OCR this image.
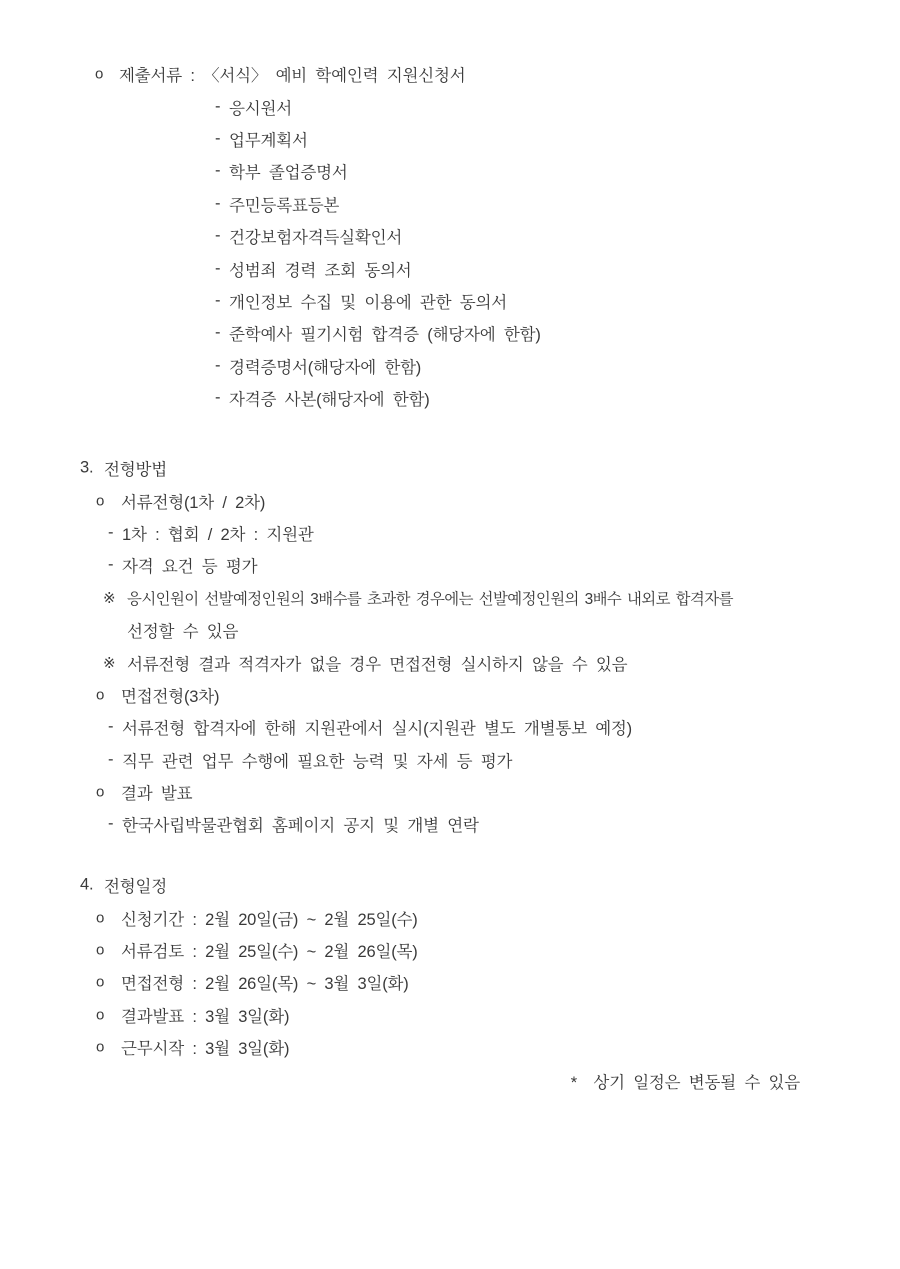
o 제출서류 : 〈서식〉 예비 학예인력 지원신청서
- 응시원서
- 업무계획서
- 학부 졸업증명서
- 주민등록표등본
- 건강보험자격득실확인서
- 성범죄 경력 조회 동의서
- 개인정보 수집 및 이용에 관한 동의서
- 준학예사 필기시험 합격증 (해당자에 한함)
- 경력증명서(해당자에 한함)
- 자격증 사본(해당자에 한함)
3. 전형방법
o 서류전형(1차 / 2차)
- 1차 : 협회 / 2차 : 지원관
- 자격 요건 등 평가
※ 응시인원이 선발예정인원의 3배수를 초과한 경우에는 선발예정인원의 3배수 내외로 합격자를
선정할 수 있음
※ 서류전형 결과 적격자가 없을 경우 면접전형 실시하지 않을 수 있음
o 면접전형(3차)
- 서류전형 합격자에 한해 지원관에서 실시(지원관 별도 개별통보 예정)
- 직무 관련 업무 수행에 필요한 능력 및 자세 등 평가
o 결과 발표
- 한국사립박물관협회 홈페이지 공지 및 개별 연락
4. 전형일정
o 신청기간 : 2월 20일(금) ~ 2월 25일(수)
o 서류검토 : 2월 25일(수) ~ 2월 26일(목)
o 면접전형 : 2월 26일(목) ~ 3월 3일(화)
o 결과발표 : 3월 3일(화)
o 근무시작 : 3월 3일(화)
* 상기 일정은 변동될 수 있음
